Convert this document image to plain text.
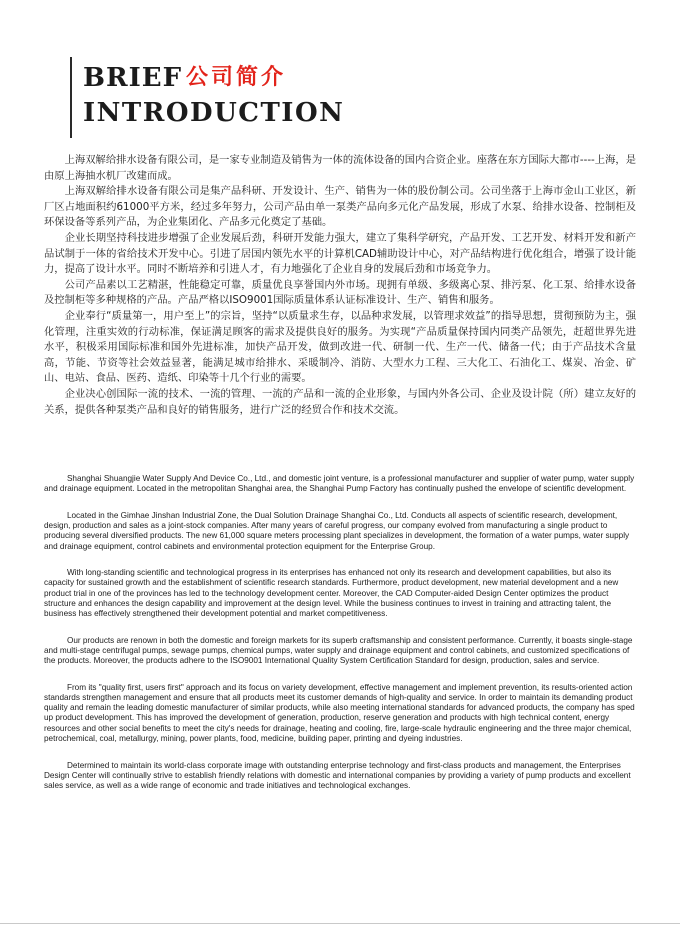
BRIEF 公司简介
INTRODUCTION

上海双解给排水设备有限公司，是一家专业制造及销售为一体的流体设备的国内合资企业。座落在东方国际大都市----上海，是由原上海抽水机厂改建而成。

上海双解给排水设备有限公司是集产品科研、开发设计、生产、销售为一体的股份制公司。公司坐落于上海市金山工业区，新厂区占地面积约61000平方米，经过多年努力，公司产品由单一泵类产品向多元化产品发展，形成了水泵、给排水设备、控制柜及环保设备等系列产品，为企业集团化、产品多元化奠定了基础。

企业长期坚持科技进步增强了企业发展后劲，科研开发能力强大，建立了集科学研究，产品开发、工艺开发、材料开发和新产品试制于一体的省给技术开发中心。引进了居国内领先水平的计算机CAD辅助设计中心，对产品结构进行优化组合，增强了设计能力，提高了设计水平。同时不断培养和引进人才，有力地强化了企业自身的发展后劲和市场竞争力。

公司产品素以工艺精湛，性能稳定可靠，质量优良享誉国内外市场。现拥有单级、多级离心泵、排污泵、化工泵、给排水设备及控制柜等多种规格的产品。产品严格以ISO9001国际质量体系认证标准设计、生产、销售和服务。

企业奉行“质量第一，用户至上”的宗旨，坚持“以质量求生存，以品种求发展，以管理求效益”的指导思想，贯彻预防为主，强化管理，注重实效的行动标准，保证满足顾客的需求及提供良好的服务。为实现“产品质量保持国内同类产品领先，赶超世界先进水平，积极采用国际标准和国外先进标准，加快产品开发，做到改进一代、研制一代、生产一代、储备一代；由于产品技术含量高，节能、节资等社会效益显著，能满足城市给排水、采暖制冷、消防、大型水力工程、三大化工、石油化工、煤炭、冶金、矿山、电站、食品、医药、造纸、印染等十几个行业的需要。

企业决心创国际一流的技术、一流的管理、一流的产品和一流的企业形象，与国内外各公司、企业及设计院（所）建立友好的关系，提供各种泵类产品和良好的销售服务，进行广泛的经贸合作和技术交流。

Shanghai Shuangjie Water Supply And Device Co., Ltd., and domestic joint venture, is a professional manufacturer and supplier of water pump, water supply and drainage equipment. Located in the metropolitan Shanghai area, the Shanghai Pump Factory has continually pushed the envelope of scientific development.

Located in the Gimhae Jinshan Industrial Zone, the Dual Solution Drainage Shanghai Co., Ltd. Conducts all aspects of scientific research, development, design, production and sales as a joint-stock companies. After many years of careful progress, our company evolved from manufacturing a single product to producing several diversified products. The new 61,000 square meters processing plant specializes in development, the formation of a water pumps, water supply and drainage equipment, control cabinets and environmental protection equipment for the Enterprise Group.

With long-standing scientific and technological progress in its enterprises has enhanced not only its research and development capabilities, but also its capacity for sustained growth and the establishment of scientific research standards. Furthermore, product development, new material development and a new product trial in one of the provinces has led to the technology development center. Moreover, the CAD Computer-aided Design Center optimizes the product structure and enhances the design capability and improvement at the design level. While the business continues to invest in training and attracting talent, the business has effectively strengthened their development potential and market competitiveness.

Our products are renown in both the domestic and foreign markets for its superb craftsmanship and consistent performance. Currently, it boasts single-stage and multi-stage centrifugal pumps, sewage pumps, chemical pumps, water supply and drainage equipment and control cabinets, and customized specifications of the products. Moreover, the products adhere to the ISO9001 International Quality System Certification Standard for design, production, sales and service.

From its "quality first, users first" approach and its focus on variety development, effective management and implement prevention, its results-oriented action standards strengthen management and ensure that all products meet its customer demands of high-quality and service. In order to maintain its demanding product quality and remain the leading domestic manufacturer of similar products, while also meeting international standards for advanced products, the company has sped up product development. This has improved the development of generation, production, reserve generation and products with high technical content, energy resources and other social benefits to meet the city's needs for drainage, heating and cooling, fire, large-scale hydraulic engineering and the three major chemical, petrochemical, coal, metallurgy, mining, power plants, food, medicine, building paper, printing and dyeing industries.

Determined to maintain its world-class corporate image with outstanding enterprise technology and first-class products and management, the Enterprises Design Center will continually strive to establish friendly relations with domestic and international companies by providing a variety of pump products and excellent sales service, as well as a wide range of economic and trade initiatives and technological exchanges.
